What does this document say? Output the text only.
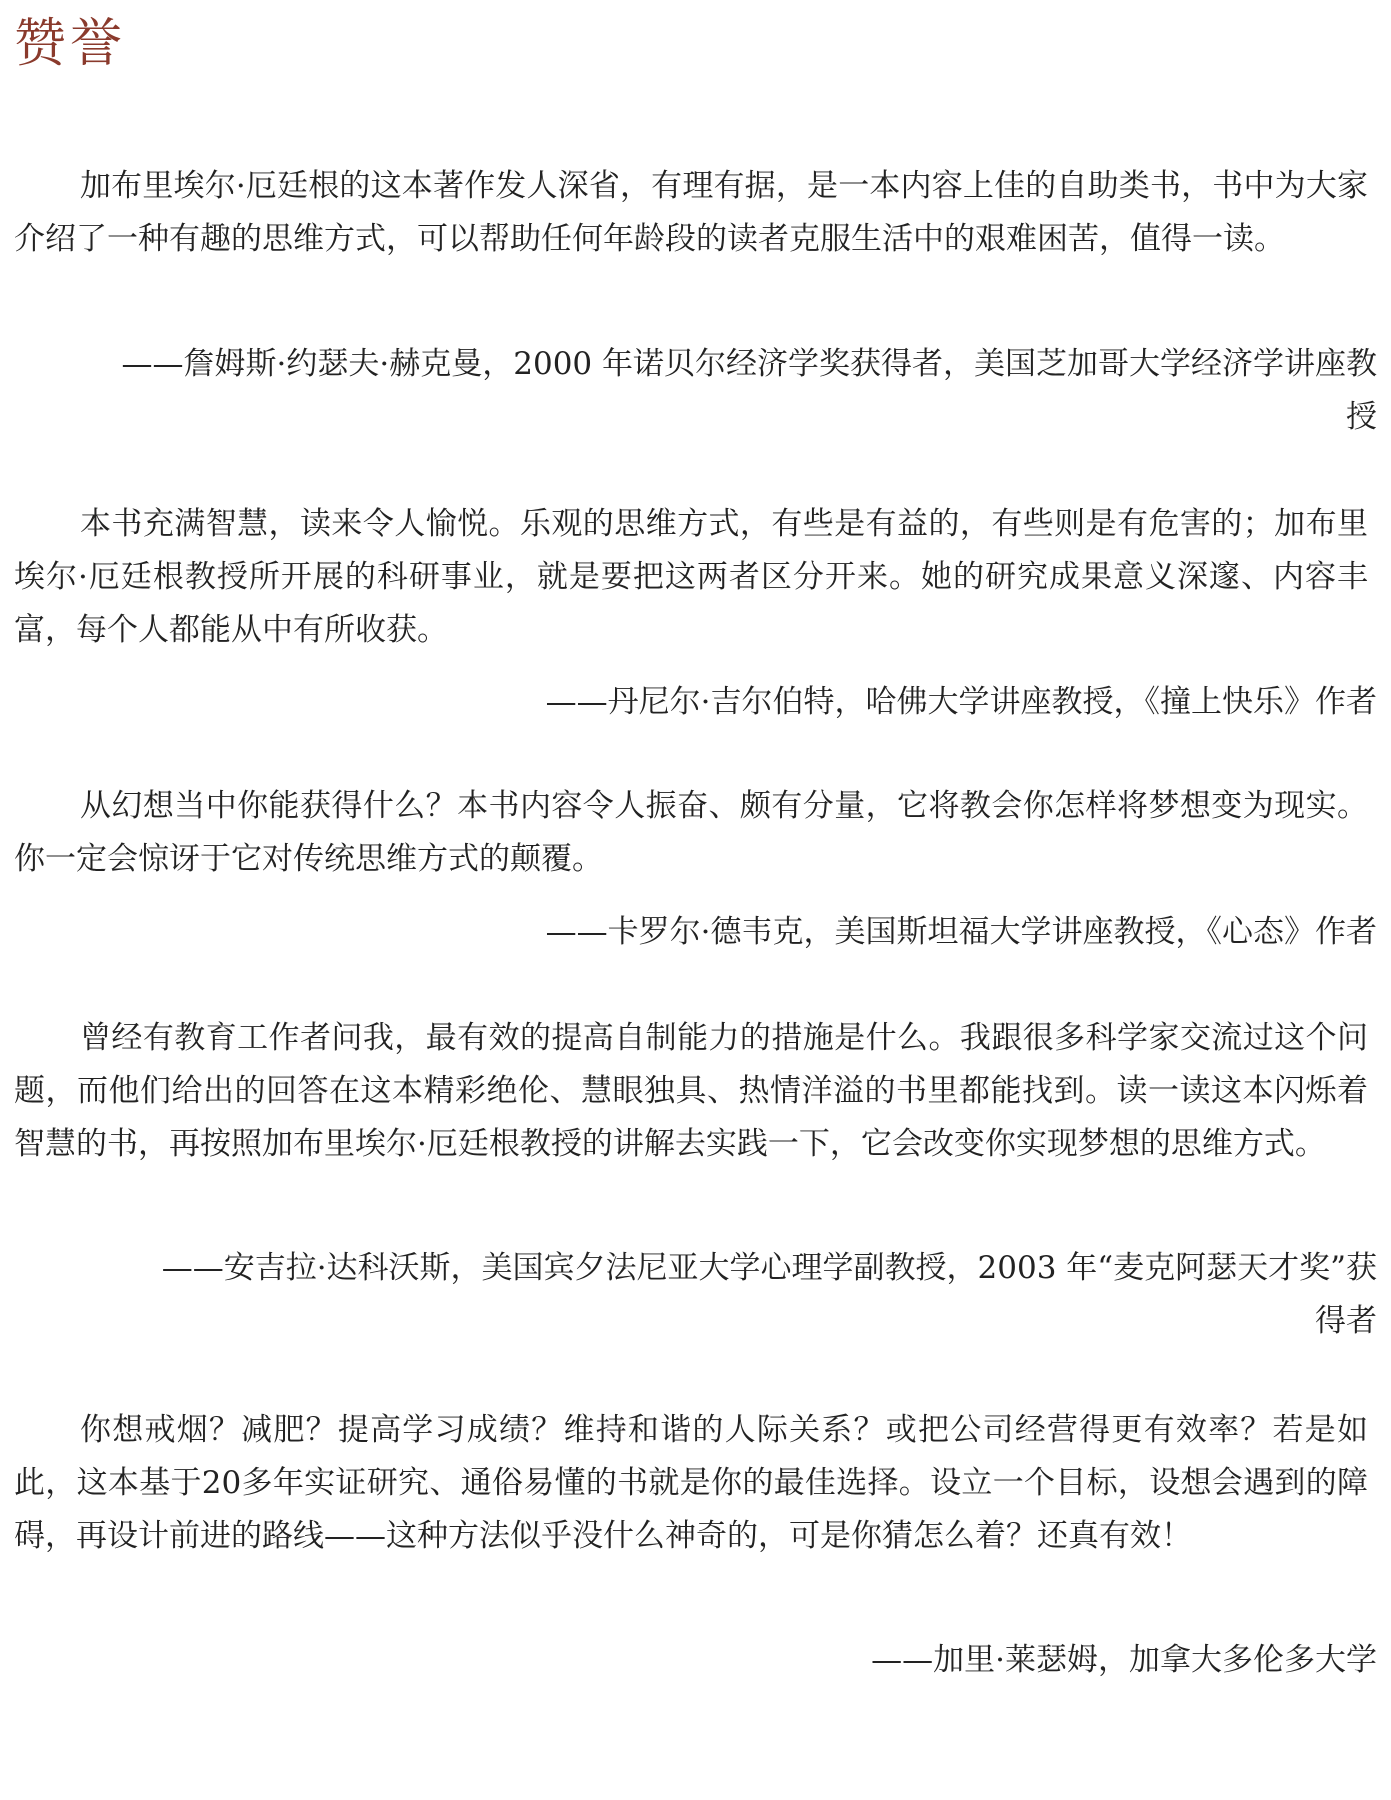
赞誉

加布里埃尔·厄廷根的这本著作发人深省，有理有据，是一本内容上佳的自助类书，书中为大家介绍了一种有趣的思维方式，可以帮助任何年龄段的读者克服生活中的艰难困苦，值得一读。

——詹姆斯·约瑟夫·赫克曼，2000 年诺贝尔经济学奖获得者，美国芝加哥大学经济学讲座教授

本书充满智慧，读来令人愉悦。乐观的思维方式，有些是有益的，有些则是有危害的；加布里埃尔·厄廷根教授所开展的科研事业，就是要把这两者区分开来。她的研究成果意义深邃、内容丰富，每个人都能从中有所收获。

——丹尼尔·吉尔伯特，哈佛大学讲座教授，《撞上快乐》作者

从幻想当中你能获得什么？本书内容令人振奋、颇有分量，它将教会你怎样将梦想变为现实。你一定会惊讶于它对传统思维方式的颠覆。

——卡罗尔·德韦克，美国斯坦福大学讲座教授，《心态》作者

曾经有教育工作者问我，最有效的提高自制能力的措施是什么。我跟很多科学家交流过这个问题，而他们给出的回答在这本精彩绝伦、慧眼独具、热情洋溢的书里都能找到。读一读这本闪烁着智慧的书，再按照加布里埃尔·厄廷根教授的讲解去实践一下，它会改变你实现梦想的思维方式。

——安吉拉·达科沃斯，美国宾夕法尼亚大学心理学副教授，2003 年“麦克阿瑟天才奖”获得者

你想戒烟？减肥？提高学习成绩？维持和谐的人际关系？或把公司经营得更有效率？若是如此，这本基于20多年实证研究、通俗易懂的书就是你的最佳选择。设立一个目标，设想会遇到的障碍，再设计前进的路线——这种方法似乎没什么神奇的，可是你猜怎么着？还真有效！

——加里·莱瑟姆，加拿大多伦多大学
